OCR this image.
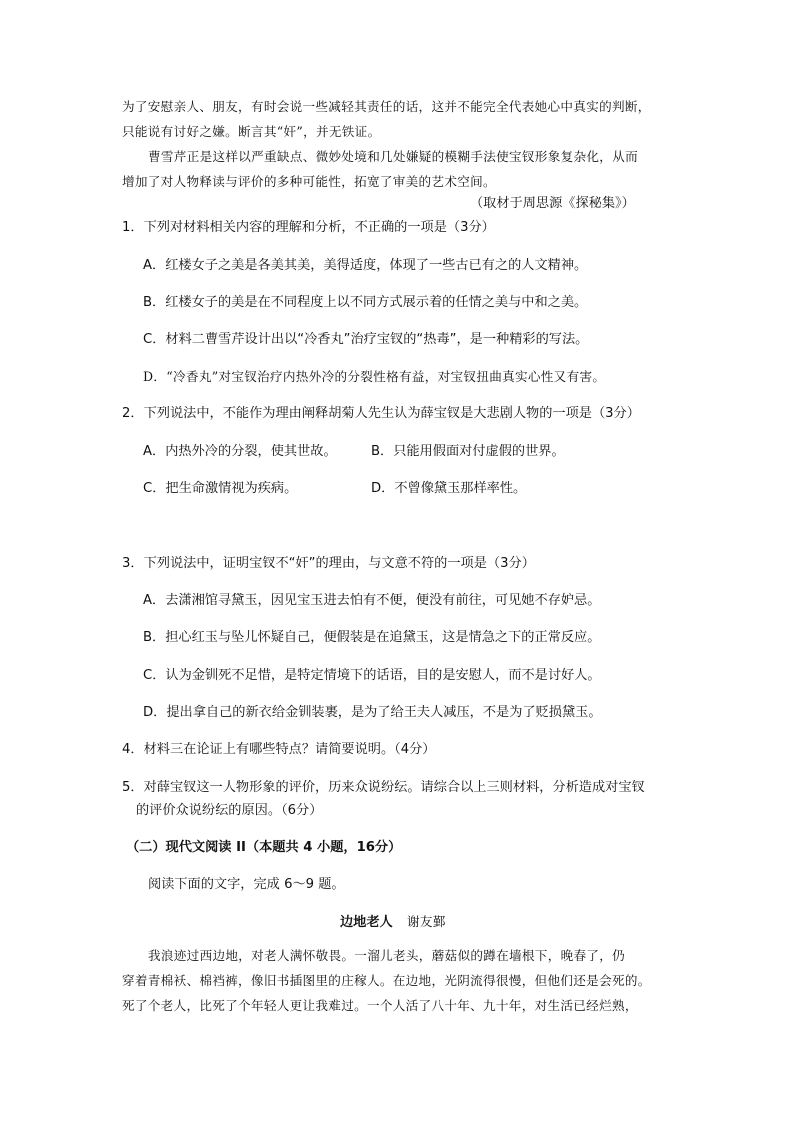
为了安慰亲人、朋友，有时会说一些减轻其责任的话，这并不能完全代表她心中真实的判断，
只能说有讨好之嫌。断言其“奸”，并无铁证。
曹雪芹正是这样以严重缺点、微妙处境和几处嫌疑的模糊手法使宝钗形象复杂化，从而
增加了对人物释读与评价的多种可能性，拓宽了审美的艺术空间。
（取材于周思源《探秘集》）
1．下列对材料相关内容的理解和分析，不正确的一项是（3分）
A．红楼女子之美是各美其美，美得适度，体现了一些古已有之的人文精神。
B．红楼女子的美是在不同程度上以不同方式展示着的任情之美与中和之美。
C．材料二曹雪芹设计出以“冷香丸”治疗宝钗的“热毒”，是一种精彩的写法。
D．“冷香丸”对宝钗治疗内热外冷的分裂性格有益，对宝钗扭曲真实心性又有害。
2．下列说法中，不能作为理由阐释胡菊人先生认为薛宝钗是大悲剧人物的一项是（3分）
A．内热外冷的分裂，使其世故。	B．只能用假面对付虚假的世界。
C．把生命激情视为疾病。	D．不曾像黛玉那样率性。
3．下列说法中，证明宝钗不“奸”的理由，与文意不符的一项是（3分）
A．去潇湘馆寻黛玉，因见宝玉进去怕有不便，便没有前往，可见她不存妒忌。
B．担心红玉与坠儿怀疑自己，便假装是在追黛玉，这是情急之下的正常反应。
C．认为金钏死不足惜，是特定情境下的话语，目的是安慰人，而不是讨好人。
D．提出拿自己的新衣给金钏装裹，是为了给王夫人减压，不是为了贬损黛玉。
4．材料三在论证上有哪些特点？请简要说明。（4分）
5．对薛宝钗这一人物形象的评价，历来众说纷纭。请综合以上三则材料，分析造成对宝钗
的评价众说纷纭的原因。（6分）
（二）现代文阅读 II（本题共 4 小题，16分）
阅读下面的文字，完成 6～9 题。
边地老人 谢友鄞
我浪迹过西边地，对老人满怀敬畏。一溜儿老头，蘑菇似的蹲在墙根下，晚春了，仍
穿着青棉袄、棉裆裤，像旧书插图里的庄稼人。在边地，光阴流得很慢，但他们还是会死的。
死了个老人，比死了个年轻人更让我难过。一个人活了八十年、九十年，对生活已经烂熟，
